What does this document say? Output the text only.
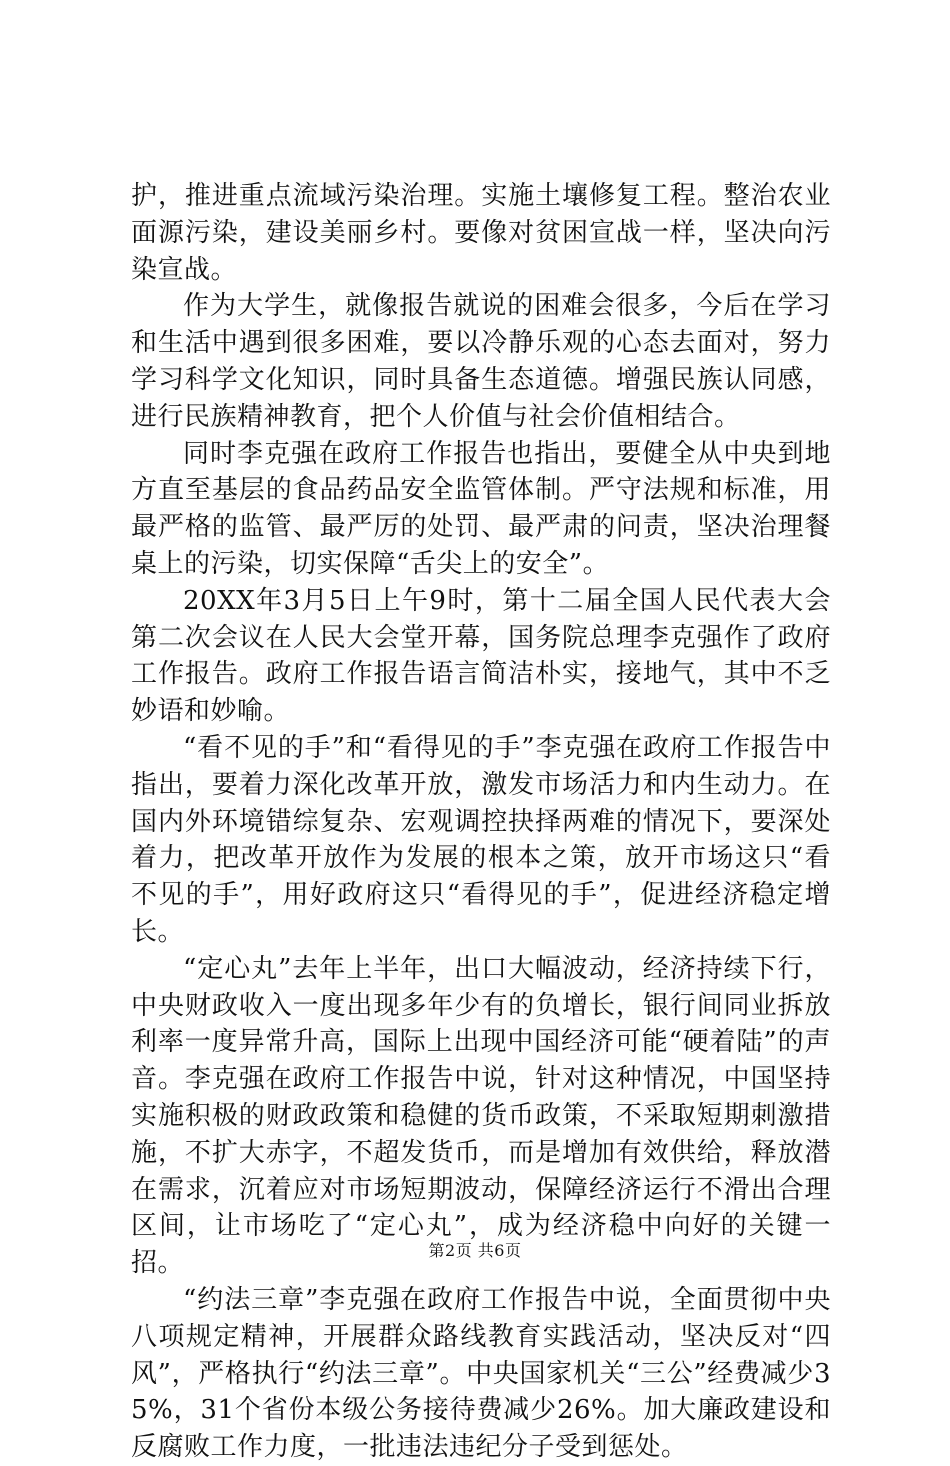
护，推进重点流域污染治理。实施土壤修复工程。整治农业面源污染，建设美丽乡村。要像对贫困宣战一样，坚决向污染宣战。

作为大学生，就像报告就说的困难会很多，今后在学习和生活中遇到很多困难，要以冷静乐观的心态去面对，努力学习科学文化知识，同时具备生态道德。增强民族认同感，进行民族精神教育，把个人价值与社会价值相结合。

同时李克强在政府工作报告也指出，要健全从中央到地方直至基层的食品药品安全监管体制。严守法规和标准，用最严格的监管、最严厉的处罚、最严肃的问责，坚决治理餐桌上的污染，切实保障“舌尖上的安全”。

20XX年3月5日上午9时，第十二届全国人民代表大会第二次会议在人民大会堂开幕，国务院总理李克强作了政府工作报告。政府工作报告语言简洁朴实，接地气，其中不乏妙语和妙喻。

“看不见的手”和“看得见的手”李克强在政府工作报告中指出，要着力深化改革开放，激发市场活力和内生动力。在国内外环境错综复杂、宏观调控抉择两难的情况下，要深处着力，把改革开放作为发展的根本之策，放开市场这只“看不见的手”，用好政府这只“看得见的手”，促进经济稳定增长。

“定心丸”去年上半年，出口大幅波动，经济持续下行，中央财政收入一度出现多年少有的负增长，银行间同业拆放利率一度异常升高，国际上出现中国经济可能“硬着陆”的声音。李克强在政府工作报告中说，针对这种情况，中国坚持实施积极的财政政策和稳健的货币政策，不采取短期刺激措施，不扩大赤字，不超发货币，而是增加有效供给，释放潜在需求，沉着应对市场短期波动，保障经济运行不滑出合理区间，让市场吃了“定心丸”，成为经济稳中向好的关键一招。

“约法三章”李克强在政府工作报告中说，全面贯彻中央八项规定精神，开展群众路线教育实践活动，坚决反对“四风”，严格执行“约法三章”。中央国家机关“三公”经费减少35%，31个省份本级公务接待费减少26%。加大廉政建设和反腐败工作力度，一批违法违纪分子受到惩处。

第2页 共6页
